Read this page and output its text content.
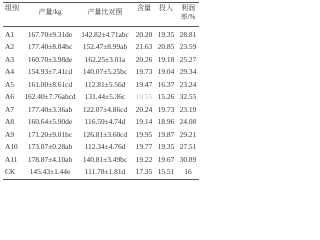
组别	产量/kg	产量比对照	含量	投入	利润率/%
A1	167.70±9.31de	142.82±4.71abc 20.20 19.35 28.81
A2	177.40±8.84bc	152.47±8.99ab	21.63 20.85 23.59
A3	160.70±3.98de	162.25±3.01a	20.26 19.18 25.27
A4	154.93±7.41cd	140.07±5.25bc	19.73 19.04 29.34
A5	161.00±8.61cd	112.81±5.56d	19.47 16.37 23.24
A6	162.40±7.76abcd	131.44±5.36c	19.55 15.26 32.55
A7	177.40±3.36ab	122.07±4.86cd	20.24 19.73 23.19
A8	160.64±5.90de	116.59±4.74d	19.14 18.96 24.08
A9	171.20±9.01bc	126.81±3.60cd	19.95 19.87 29.21
A10	173.07±0.28ab	112.34±4.76d	19.77 19.35 27.51
A11	178.87±4.10ab	140.81±3.49bc	19.22 19.67 30.89
CK	145.43±1.44e	111.78±1.81d	17.35 15.51	16
